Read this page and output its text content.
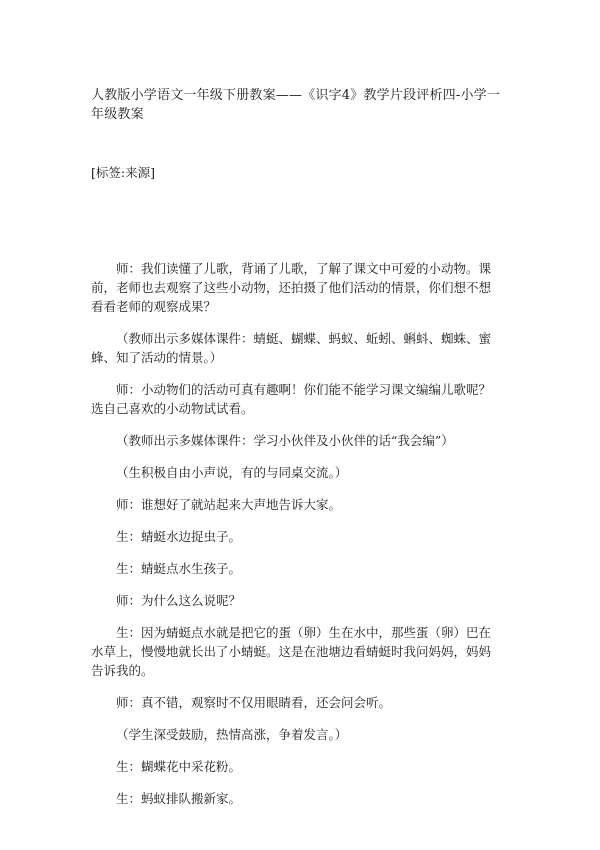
人教版小学语文一年级下册教案——《识字4》教学片段评析四-小学一年级教案
[标签:来源]

师：我们读懂了儿歌，背诵了儿歌，了解了课文中可爱的小动物。课前，老师也去观察了这些小动物，还拍摄了他们活动的情景，你们想不想看看老师的观察成果？

（教师出示多媒体课件：蜻蜓、蝴蝶、蚂蚁、蚯蚓、蝌蚪、蜘蛛、蜜蜂、知了活动的情景。）

师：小动物们的活动可真有趣啊！你们能不能学习课文编编儿歌呢？选自己喜欢的小动物试试看。

（教师出示多媒体课件：学习小伙伴及小伙伴的话“我会编”）

（生积极自由小声说，有的与同桌交流。）

师：谁想好了就站起来大声地告诉大家。

生：蜻蜓水边捉虫子。

生：蜻蜓点水生孩子。

师：为什么这么说呢？

生：因为蜻蜓点水就是把它的蛋（卵）生在水中，那些蛋（卵）巴在水草上，慢慢地就长出了小蜻蜓。这是在池塘边看蜻蜓时我问妈妈，妈妈告诉我的。

师：真不错，观察时不仅用眼睛看，还会问会听。

（学生深受鼓励，热情高涨，争着发言。）

生：蝴蝶花中采花粉。

生：蚂蚁排队搬新家。
